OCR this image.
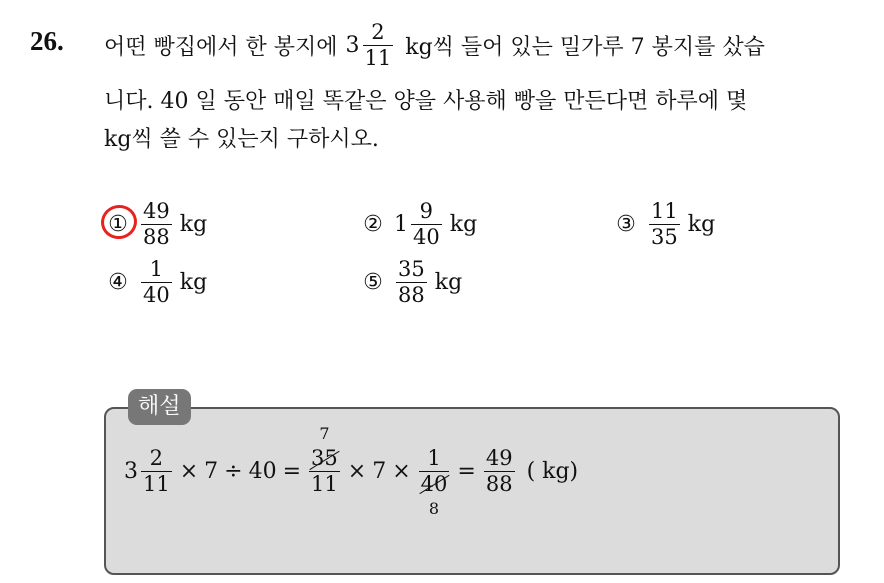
26. 어떤 빵집에서 한 봉지에 $3 \frac{2}{11}$ kg씩 들어 있는 밀가루 7 봉지를 샀습
니다. 40 일 동안 매일 똑같은 양을 사용해 빵을 만든다면 하루에 몇
kg씩 쓸 수 있는지 구하시오.
① $\frac{49}{88}$ kg	② $1 \frac{9}{40}$ kg	③ $\frac{11}{35}$ kg
④ $\frac{1}{40}$ kg	⑤ $\frac{35}{88}$ kg
해설
$3 \frac{2}{11} \times 7 \div 40 = 35$
7
11 × 7 × 1
40
$8 = \frac{49}{88}$ ( kg)
